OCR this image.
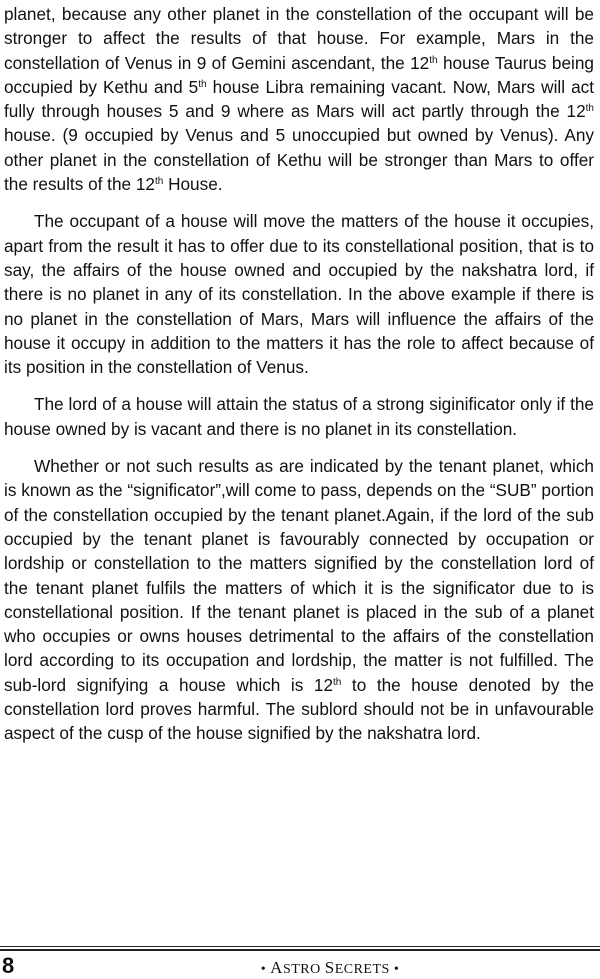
planet, because any other planet in the constellation of the occupant will be stronger to affect the results of that house. For example, Mars in the constellation of Venus in 9 of Gemini ascendant, the 12th house Taurus being occupied by Kethu and 5th house Libra remaining vacant. Now, Mars will act fully through houses 5 and 9 where as Mars will act partly through the 12th house. (9 occupied by Venus and 5 unoccupied but owned by Venus). Any other planet in the constellation of Kethu will be stronger than Mars to offer the results of the 12th House.

The occupant of a house will move the matters of the house it occupies, apart from the result it has to offer due to its constellational position, that is to say, the affairs of the house owned and occupied by the nakshatra lord, if there is no planet in any of its constellation. In the above example if there is no planet in the constellation of Mars, Mars will influence the affairs of the house it occupy in addition to the matters it has the role to affect because of its position in the constellation of Venus.

The lord of a house will attain the status of a strong siginificator only if the house owned by is vacant and there is no planet in its constellation.

Whether or not such results as are indicated by the tenant planet, which is known as the “significator”,will come to pass, depends on the “SUB” portion of the constellation occupied by the tenant planet.Again, if the lord of the sub occupied by the tenant planet is favourably connected by occupation or lordship or constellation to the matters signified by the constellation lord of the tenant planet fulfils the matters of which it is the significator due to is constellational position. If the tenant planet is placed in the sub of a planet who occupies or owns houses detrimental to the affairs of the constellation lord according to its occupation and lordship, the matter is not fulfilled. The sub-lord signifying a house which is 12th to the house denoted by the constellation lord proves harmful. The sublord should not be in unfavourable aspect of the cusp of the house signified by the nakshatra lord.

8	• ASTRO SECRETS •
